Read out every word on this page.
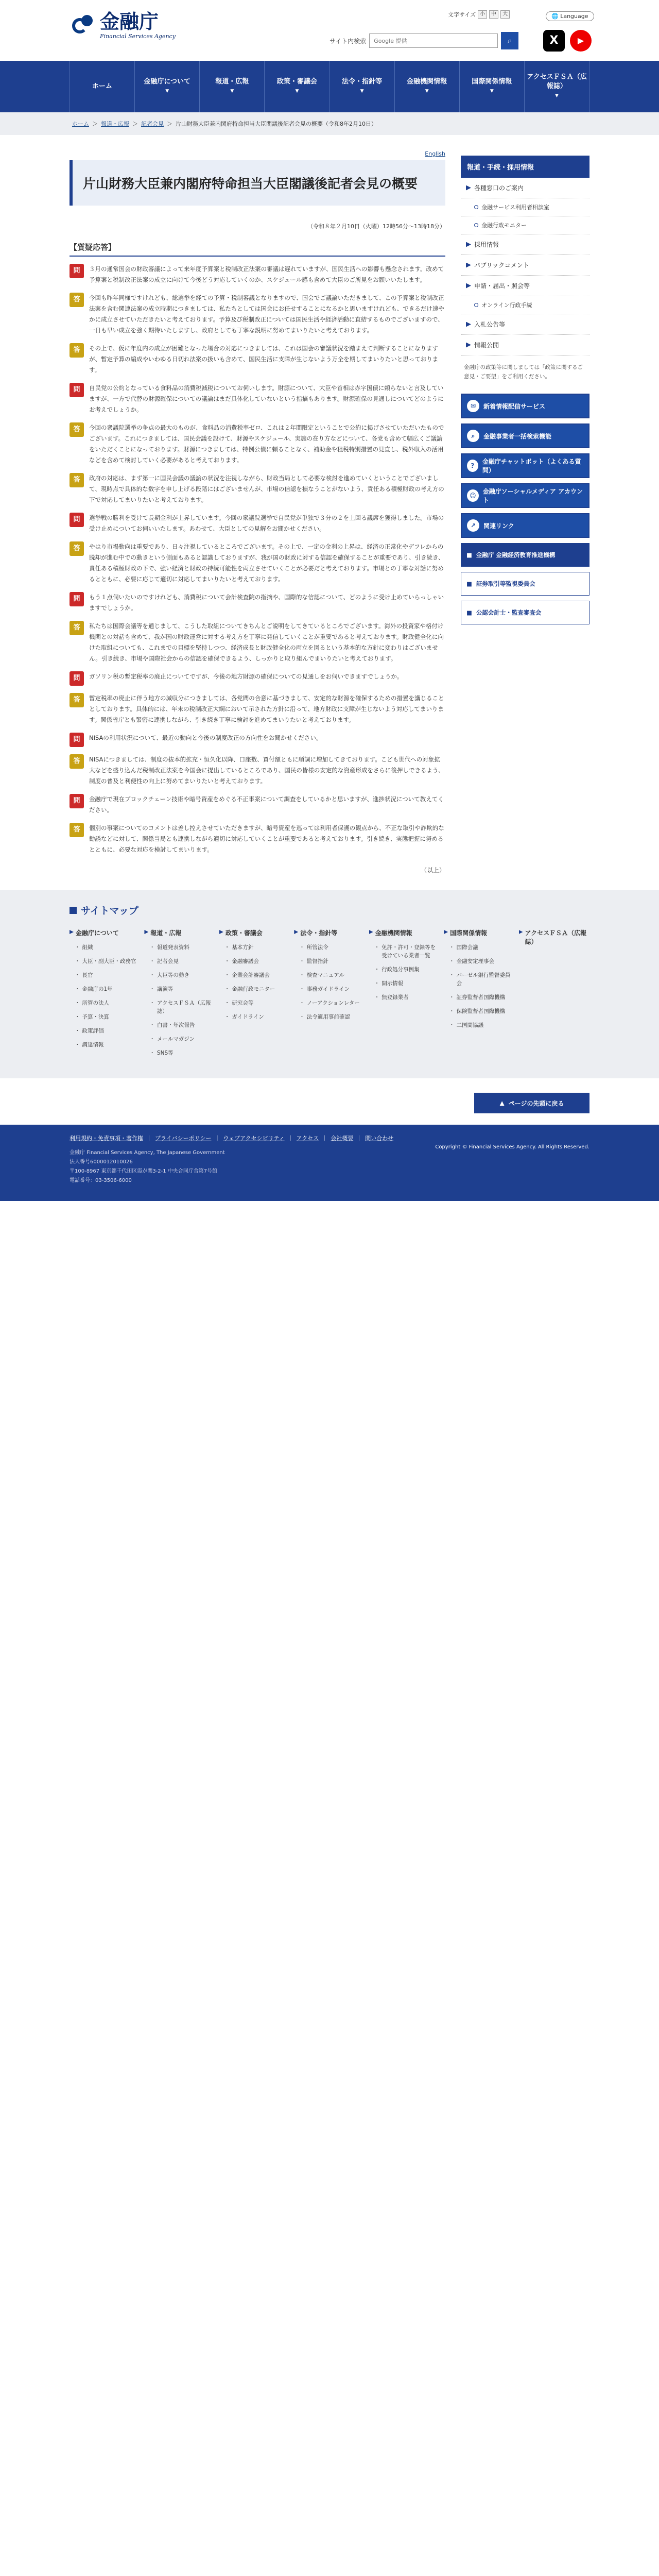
金融庁
Financial Services Agency
文字サイズ 小	中	大	🌐 Language
サイト内検索
Google 提供	⌕	X	▶
ホーム
金融庁について
▼
報道・広報
▼
政策・審議会
▼
法令・指針等
▼
金融機関情報
▼
国際関係情報
▼
アクセスＦＳＡ（広報誌）
▼
ホーム ＞ 報道・広報 ＞ 記者会見 ＞ 片山財務大臣兼内閣府特命担当大臣閣議後記者会見の概要（令和8年2月10日）
English
片山財務大臣兼内閣府特命担当大臣閣議後記者会見の概要
（令和８年２月10日（火曜）12時56分～13時18分）
【質疑応答】
問	３月の通常国会の財政審議によって来年度予算案と税制改正法案の審議は遅れていますが、国民生活への影響も懸念されます。改めて予算案と税制改正法案の成立に向けて今後どう対応していくのか、スケジュール感も含めて大臣のご所見をお願いいたします。

答	今回も昨年同様ですけれども、総選挙を経ての予算・税制審議となりますので、国会でご議論いただきまして、この予算案と税制改正法案を含む関連法案の成立時期につきましては、私たちとしては国会にお任せすることになるかと思いますけれども、できるだけ速やかに成立させていただきたいと考えております。予算及び税制改正については国民生活や経済活動に直結するものでございますので、一日も早い成立を強く期待いたしますし、政府としても丁寧な説明に努めてまいりたいと考えております。

答	その上で、仮に年度内の成立が困難となった場合の対応につきましては、これは国会の審議状況を踏まえて判断することになりますが、暫定予算の編成やいわゆる日切れ法案の扱いも含めて、国民生活に支障が生じないよう万全を期してまいりたいと思っております。

問	自民党の公約となっている食料品の消費税減税についてお伺いします。財源について、大臣や首相は赤字国債に頼らないと言及していますが、一方で代替の財源確保についての議論はまだ具体化していないという指摘もあります。財源確保の見通しについてどのようにお考えでしょうか。

答	今回の衆議院選挙の争点の最大のものが、食料品の消費税率ゼロ、これは２年間限定ということで公約に掲げさせていただいたものでございます。これにつきましては、国民会議を設けて、財源やスケジュール、実施の在り方などについて、各党も含めて幅広くご議論をいただくことになっております。財源につきましては、特例公債に頼ることなく、補助金や租税特別措置の見直し、税外収入の活用などを含めて検討していく必要があると考えております。

答	政府の対応は、まず第一に国民会議の議論の状況を注視しながら、財政当局として必要な検討を進めていくということでございまして、現時点で具体的な数字を申し上げる段階にはございませんが、市場の信認を損なうことがないよう、責任ある積極財政の考え方の下で対応してまいりたいと考えております。

問	選挙戦の勝利を受けて長期金利が上昇しています。今回の衆議院選挙で自民党が単独で３分の２を上回る議席を獲得しました。市場の受け止めについてお伺いいたします。あわせて、大臣としての見解をお聞かせください。

答	やはり市場動向は重要であり、日々注視しているところでございます。その上で、一定の金利の上昇は、経済の正常化やデフレからの脱却が進む中での動きという側面もあると認識しておりますが、我が国の財政に対する信認を確保することが重要であり、引き続き、責任ある積極財政の下で、強い経済と財政の持続可能性を両立させていくことが必要だと考えております。市場との丁寧な対話に努めるとともに、必要に応じて適切に対応してまいりたいと考えております。

問	もう１点伺いたいのですけれども、消費税について会計検査院の指摘や、国際的な信認について、どのように受け止めていらっしゃいますでしょうか。

答	私たちは国際会議等を通じまして、こうした取組についてきちんとご説明をしてきているところでございます。海外の投資家や格付け機関との対話も含めて、我が国の財政運営に対する考え方を丁寧に発信していくことが重要であると考えております。財政健全化に向けた取組についても、これまでの目標を堅持しつつ、経済成長と財政健全化の両立を図るという基本的な方針に変わりはございません。引き続き、市場や国際社会からの信認を確保できるよう、しっかりと取り組んでまいりたいと考えております。

問	ガソリン税の暫定税率の廃止についてですが、今後の地方財源の確保についての見通しをお伺いできますでしょうか。

答	暫定税率の廃止に伴う地方の減収分につきましては、各党間の合意に基づきまして、安定的な財源を確保するための措置を講じることとしております。具体的には、年末の税制改正大綱において示された方針に沿って、地方財政に支障が生じないよう対応してまいります。関係省庁とも緊密に連携しながら、引き続き丁寧に検討を進めてまいりたいと考えております。

問	NISAの利用状況について、最近の動向と今後の制度改正の方向性をお聞かせください。

答	NISAにつきましては、制度の抜本的拡充・恒久化以降、口座数、買付額ともに順調に増加してきております。こども世代への対象拡大などを盛り込んだ税制改正法案を今国会に提出しているところであり、国民の皆様の安定的な資産形成をさらに後押しできるよう、制度の普及と利便性の向上に努めてまいりたいと考えております。

問	金融庁で現在ブロックチェーン技術や暗号資産をめぐる不正事案について調査をしているかと思いますが、進捗状況について教えてください。

答	個別の事案についてのコメントは差し控えさせていただきますが、暗号資産を巡っては利用者保護の観点から、不正な取引や詐欺的な勧誘などに対して、関係当局とも連携しながら適切に対応していくことが重要であると考えております。引き続き、実態把握に努めるとともに、必要な対応を検討してまいります。

（以上）
報道・手続・採用情報
各種窓口のご案内
金融サービス利用者相談室
金融行政モニター
採用情報
パブリックコメント
申請・届出・照会等
オンライン行政手続
入札公告等
情報公開
金融庁の政策等に関しましては「政策に関するご意見・ご要望」をご利用ください。
✉	新着情報配信サービス
⌕	金融事業者一括検索機能
?
金融庁チャットボット（よくある質問）
☺
金融庁ソーシャルメディア アカウント
↗	関連リンク
■ 金融庁 金融経済教育推進機構
■ 証券取引等監視委員会
■ 公認会計士・監査審査会
サイトマップ
金融庁について
・ 組織
・ 大臣・副大臣・政務官
・ 長官
・ 金融庁の1年
・ 所管の法人
・ 予算・決算
・ 政策評価
・ 調達情報
報道・広報
・ 報道発表資料
・ 記者会見
・ 大臣等の動き
・ 講演等
・ アクセスＦＳＡ（広報誌）
・ 白書・年次報告
・ メールマガジン
・ SNS等
政策・審議会
・ 基本方針
・ 金融審議会
・ 企業会計審議会
・ 金融行政モニター
・ 研究会等
・ ガイドライン
法令・指針等
・ 所管法令
・ 監督指針
・ 検査マニュアル
・ 事務ガイドライン
・ ノーアクションレター
・ 法令適用事前確認
金融機関情報
・ 免許・許可・登録等を受けている業者一覧
・ 行政処分事例集
・ 開示情報
・ 無登録業者
国際関係情報
・ 国際会議
・ 金融安定理事会
・ バーゼル銀行監督委員会
・ 証券監督者国際機構
・ 保険監督者国際機構
・ 二国間協議
アクセスＦＳＡ（広報誌）
▲ ページの先頭に戻る
利用規約・免責事項・著作権 ｜ プライバシーポリシー ｜ ウェブアクセシビリティ ｜ アクセス ｜ 会社概要 ｜ 問い合わせ
金融庁 Financial Services Agency, The Japanese Government
法人番号6000012010026
〒100-8967 東京都千代田区霞が関3-2-1 中央合同庁舎第7号館
電話番号：03-3506-6000
Copyright © Financial Services Agency. All Rights Reserved.
